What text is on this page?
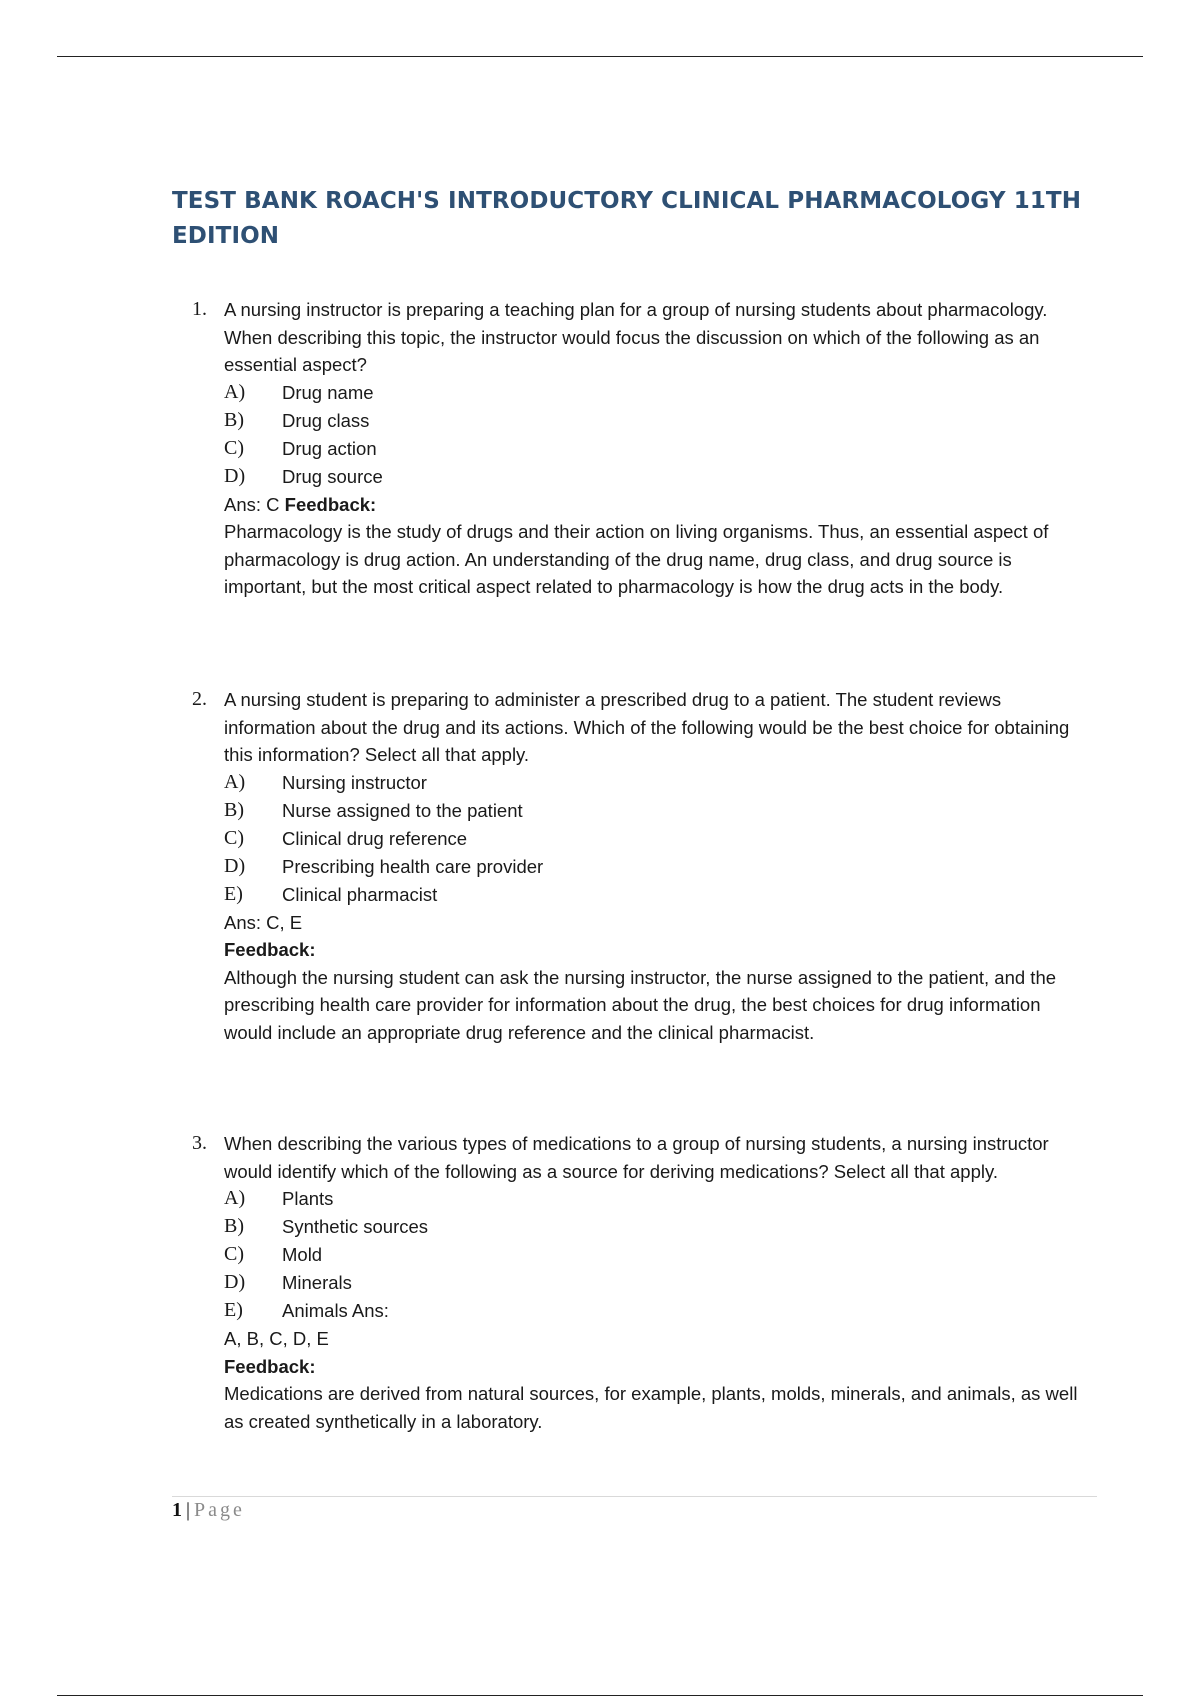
TEST BANK ROACH'S INTRODUCTORY CLINICAL PHARMACOLOGY 11TH EDITION
1. A nursing instructor is preparing a teaching plan for a group of nursing students about pharmacology. When describing this topic, the instructor would focus the discussion on which of the following as an essential aspect?
A) Drug name
B) Drug class
C) Drug action
D) Drug source
Ans: C Feedback:
Pharmacology is the study of drugs and their action on living organisms. Thus, an essential aspect of pharmacology is drug action. An understanding of the drug name, drug class, and drug source is important, but the most critical aspect related to pharmacology is how the drug acts in the body.
2. A nursing student is preparing to administer a prescribed drug to a patient. The student reviews information about the drug and its actions. Which of the following would be the best choice for obtaining this information? Select all that apply.
A) Nursing instructor
B) Nurse assigned to the patient
C) Clinical drug reference
D) Prescribing health care provider
E) Clinical pharmacist
Ans: C, E
Feedback:
Although the nursing student can ask the nursing instructor, the nurse assigned to the patient, and the prescribing health care provider for information about the drug, the best choices for drug information would include an appropriate drug reference and the clinical pharmacist.
3. When describing the various types of medications to a group of nursing students, a nursing instructor would identify which of the following as a source for deriving medications? Select all that apply.
A) Plants
B) Synthetic sources
C) Mold
D) Minerals
E) Animals Ans:
A, B, C, D, E
Feedback:
Medications are derived from natural sources, for example, plants, molds, minerals, and animals, as well as created synthetically in a laboratory.
1 | Page
